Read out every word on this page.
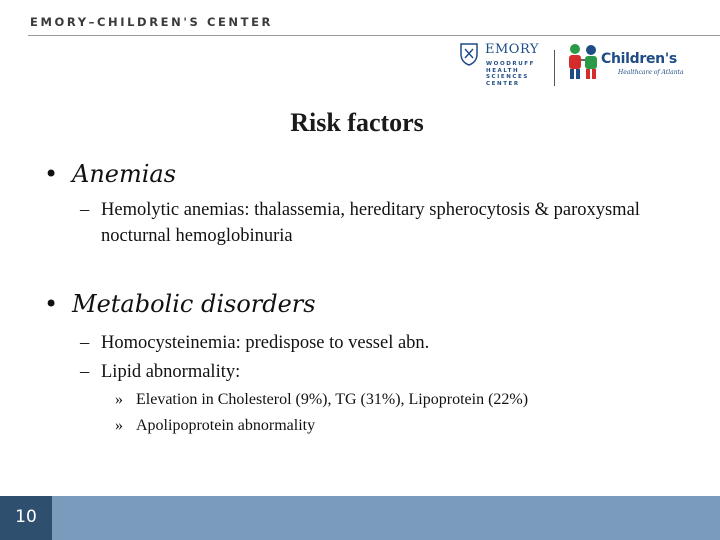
EMORY–CHILDREN'S CENTER
EMORY
WOODRUFF
HEALTH
SCIENCES
CENTER
Children's
Healthcare of Atlanta
Risk factors
• Anemias
– Hemolytic anemias: thalassemia, hereditary spherocytosis & paroxysmal nocturnal hemoglobinuria
• Metabolic disorders
– Homocysteinemia: predispose to vessel abn.
– Lipid abnormality:
» Elevation in Cholesterol (9%), TG (31%), Lipoprotein (22%)
» Apolipoprotein abnormality
10
